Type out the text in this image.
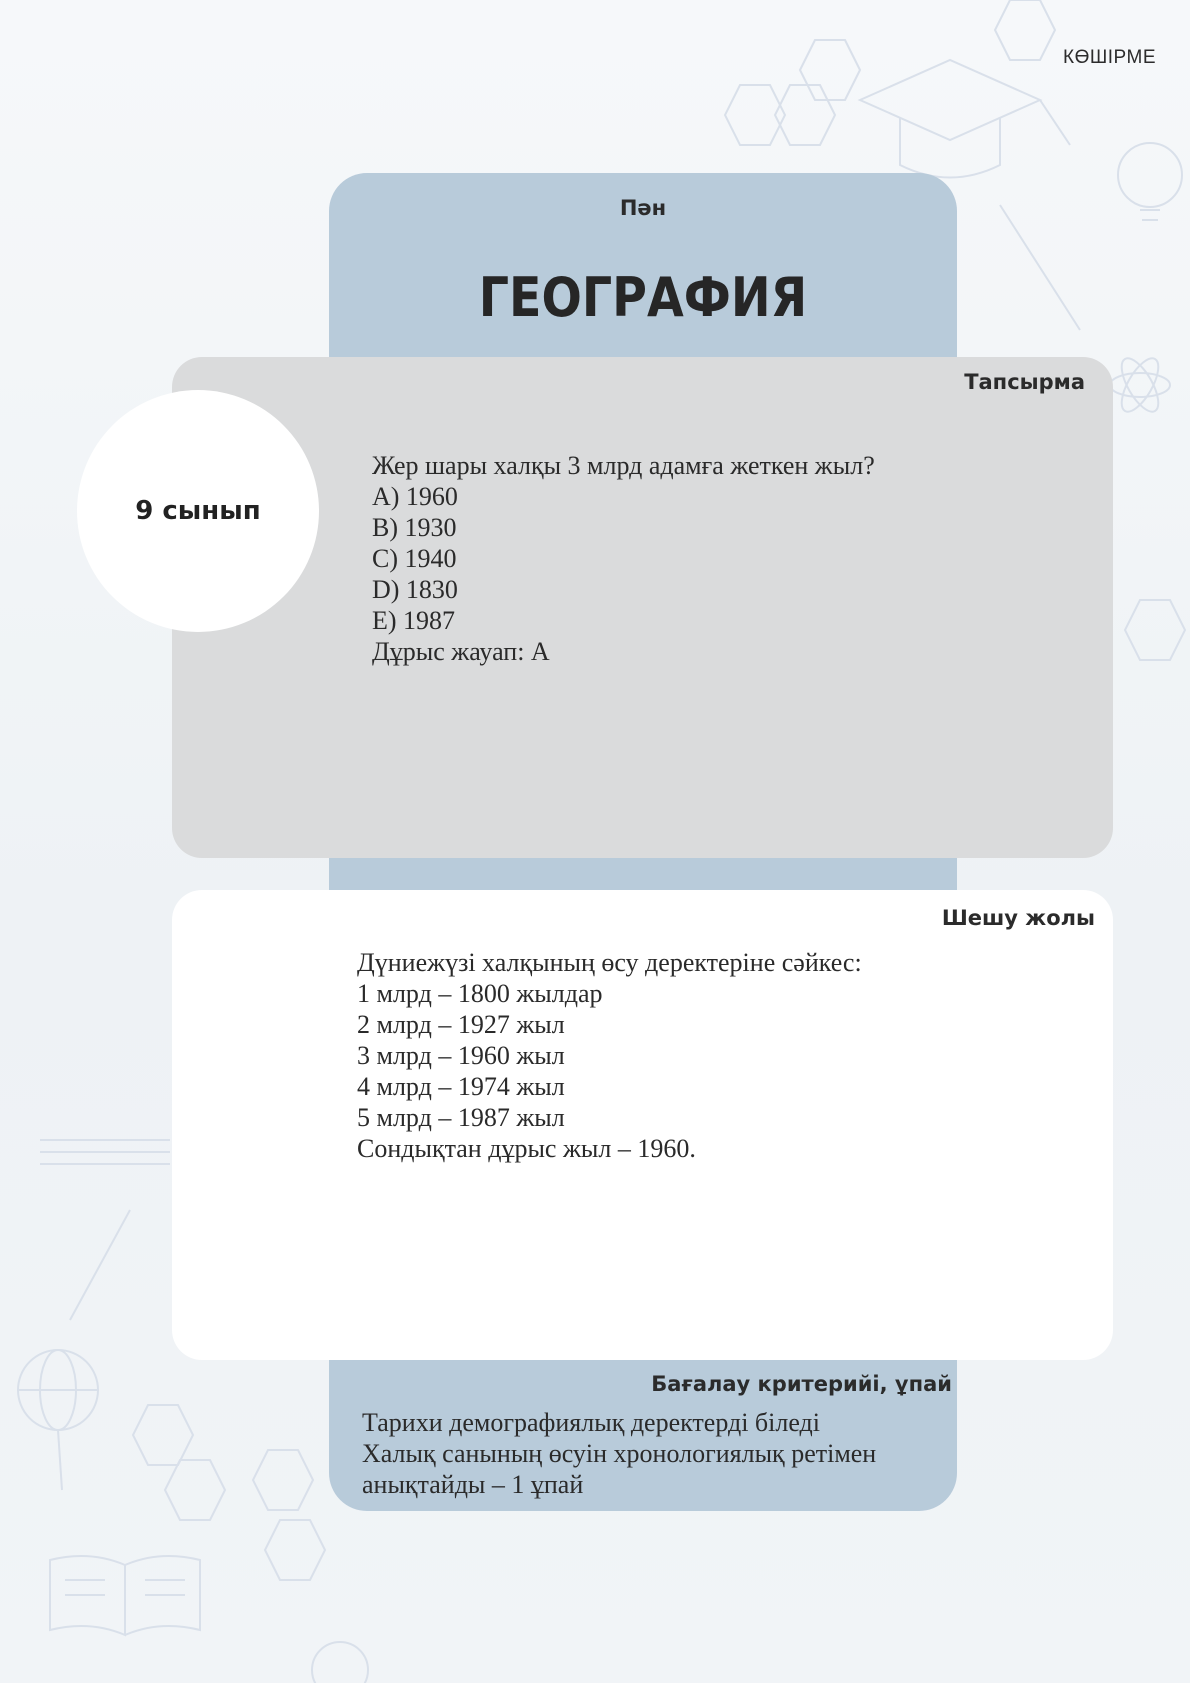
КӨШІРМЕ
Пән
ГЕОГРАФИЯ
Тапсырма
9 сынып
Жер шары халқы 3 млрд адамға жеткен жыл?
А) 1960
В) 1930
С) 1940
D) 1830
Е) 1987
Дұрыс жауап: А
Шешу жолы
Дүниежүзі халқының өсу деректеріне сәйкес:
1 млрд – 1800 жылдар
2 млрд – 1927 жыл
3 млрд – 1960 жыл
4 млрд – 1974 жыл
5 млрд – 1987 жыл
Сондықтан дұрыс жыл – 1960.
Бағалау критерийі, ұпай
Тарихи демографиялық деректерді біледі
Халық санының өсуін хронологиялық ретімен
анықтайды – 1 ұпай
